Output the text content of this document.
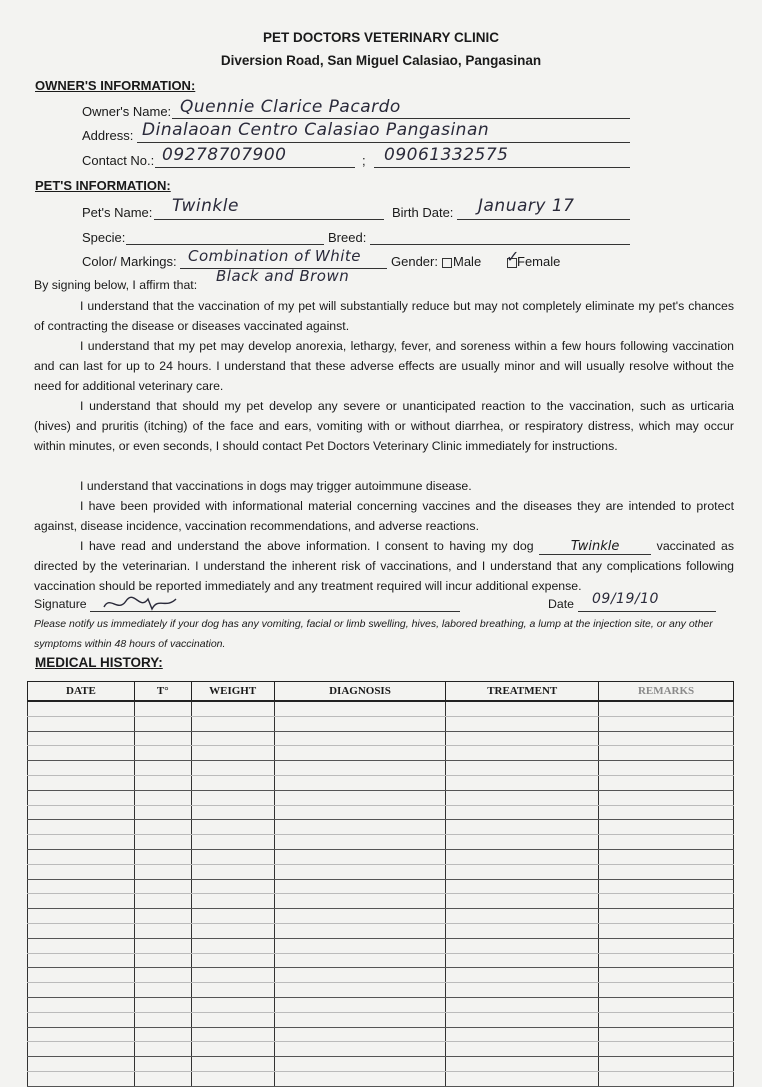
PET DOCTORS VETERINARY CLINIC
Diversion Road, San Miguel Calasiao, Pangasinan
OWNER'S INFORMATION:
Owner's Name: Quennie Clarice Pacardo
Address: Dinalaoan Centro Calasiao Pangasinan
Contact No.: 09278707900	; 09061332575
PET'S INFORMATION:
Pet's Name: Twinkle	Birth Date: January 17
Specie:	Breed:
Color/ Markings: Combination of White
Black and Brown
Gender: Male ✓
Female
By signing below, I affirm that:
I understand that the vaccination of my pet will substantially reduce but may not completely eliminate my pet's chances of contracting the disease or diseases vaccinated against.
I understand that my pet may develop anorexia, lethargy, fever, and soreness within a few hours following vaccination and can last for up to 24 hours. I understand that these adverse effects are usually minor and will usually resolve without the need for additional veterinary care.
I understand that should my pet develop any severe or unanticipated reaction to the vaccination, such as urticaria (hives) and pruritis (itching) of the face and ears, vomiting with or without diarrhea, or respiratory distress, which may occur within minutes, or even seconds, I should contact Pet Doctors Veterinary Clinic immediately for instructions.
I understand that vaccinations in dogs may trigger autoimmune disease.
I have been provided with informational material concerning vaccines and the diseases they are intended to protect against, disease incidence, vaccination recommendations, and adverse reactions.
I have read and understand the above information. I consent to having my dog	Twinkle	vaccinated as directed by the veterinarian. I understand the inherent risk of vaccinations, and I understand that any complications following vaccination should be reported immediately and any treatment required will incur additional expense.
Signature	Date 09/19/10
Please notify us immediately if your dog has any vomiting, facial or limb swelling, hives, labored breathing, a lump at the injection site, or any other symptoms within 48 hours of vaccination.
MEDICAL HISTORY:
DATE	T°	WEIGHT	DIAGNOSIS	TREATMENT	REMARKS
